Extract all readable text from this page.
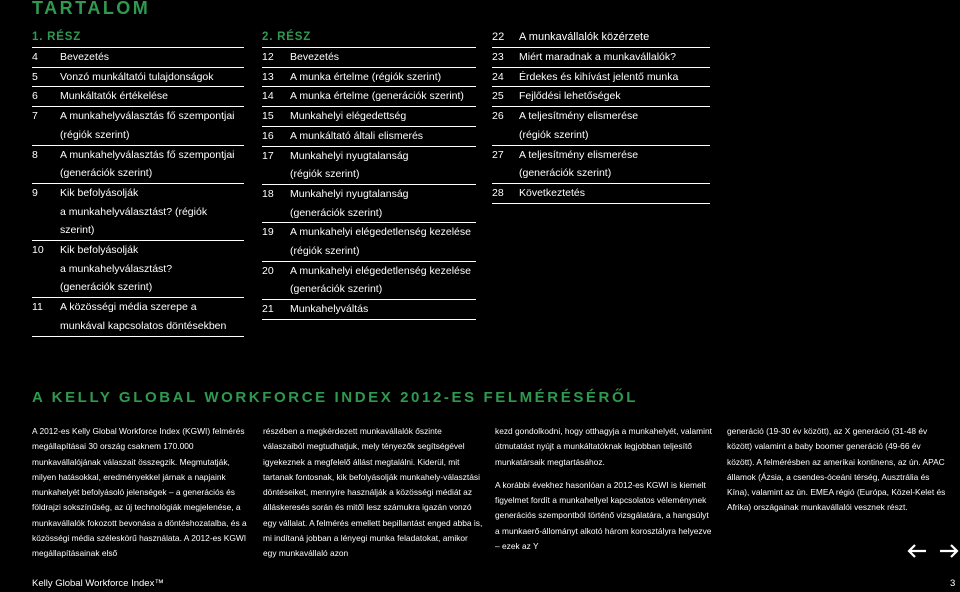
TARTALOM
1. RÉSZ
4	Bevezetés
5	Vonzó munkáltatói tulajdonságok
6	Munkáltatók értékelése
7	A munkahelyválasztás fő szempontjai
(régiók szerint)
8	A munkahelyválasztás fő szempontjai
(generációk szerint)
9	Kik befolyásolják
a munkahelyválasztást? (régiók szerint)
10	Kik befolyásolják
a munkahelyválasztást?
(generációk szerint)
11	A közösségi média szerepe a
munkával kapcsolatos döntésekben
2. RÉSZ
12	Bevezetés
13	A munka értelme (régiók szerint)
14	A munka értelme (generációk szerint)
15	Munkahelyi elégedettség
16	A munkáltató általi elismerés
17	Munkahelyi nyugtalanság
(régiók szerint)
18	Munkahelyi nyugtalanság
(generációk szerint)
19	A munkahelyi elégedetlenség kezelése
(régiók szerint)
20	A munkahelyi elégedetlenség kezelése
(generációk szerint)
21	Munkahelyváltás
22	A munkavállalók közérzete
23	Miért maradnak a munkavállalók?
24	Érdekes és kihívást jelentő munka
25	Fejlődési lehetőségek
26	A teljesítmény elismerése
(régiók szerint)
27	A teljesítmény elismerése
(generációk szerint)
28	Következtetés
A KELLY GLOBAL WORKFORCE INDEX 2012-ES FELMÉRÉSÉRŐL

A 2012-es Kelly Global Workforce Index (KGWI) felmérés megállapításai 30 ország csaknem 170.000 munkavállalójának válaszait összegzik. Megmutatják, milyen hatásokkal, eredményekkel járnak a napjaink munkahelyét befolyásoló jelenségek – a generációs és földrajzi sokszínűség, az új technológiák megjelenése, a munkavállalók fokozott bevonása a döntéshozatalba, és a közösségi média széleskörű használata. A 2012-es KGWI megállapításainak első

részében a megkérdezett munkavállalók őszinte válaszaiból megtudhatjuk, mely tényezők segítségével igyekeznek a megfelelő állást megtalálni. Kiderül, mit tartanak fontosnak, kik befolyásolják munkahely-választási döntéseiket, mennyire használják a közösségi médiát az álláskeresés során és mitől lesz számukra igazán vonzó egy vállalat. A felmérés emellett bepillantást enged abba is, mi indítaná jobban a lényegi munka feladatokat, amikor egy munkavállaló azon

kezd gondolkodni, hogy otthagyja a munkahelyét, valamint útmutatást nyújt a munkáltatóknak legjobban teljesítő munkatársaik megtartásához.

A korábbi évekhez hasonlóan a 2012-es KGWI is kiemelt figyelmet fordít a munkahellyel kapcsolatos véleménynek generációs szempontból történő vizsgálatára, a hangsúlyt a munkaerő-állományt alkotó három korosztályra helyezve – ezek az Y

generáció (19-30 év között), az X generáció (31-48 év között) valamint a baby boomer generáció (49-66 év között). A felmérésben az amerikai kontinens, az ún. APAC államok (Ázsia, a csendes-óceáni térség, Ausztrália és Kína), valamint az ún. EMEA régió (Európa, Közel-Kelet és Afrika) országainak munkavállalói vesznek részt.

Kelly Global Workforce Index™	3
